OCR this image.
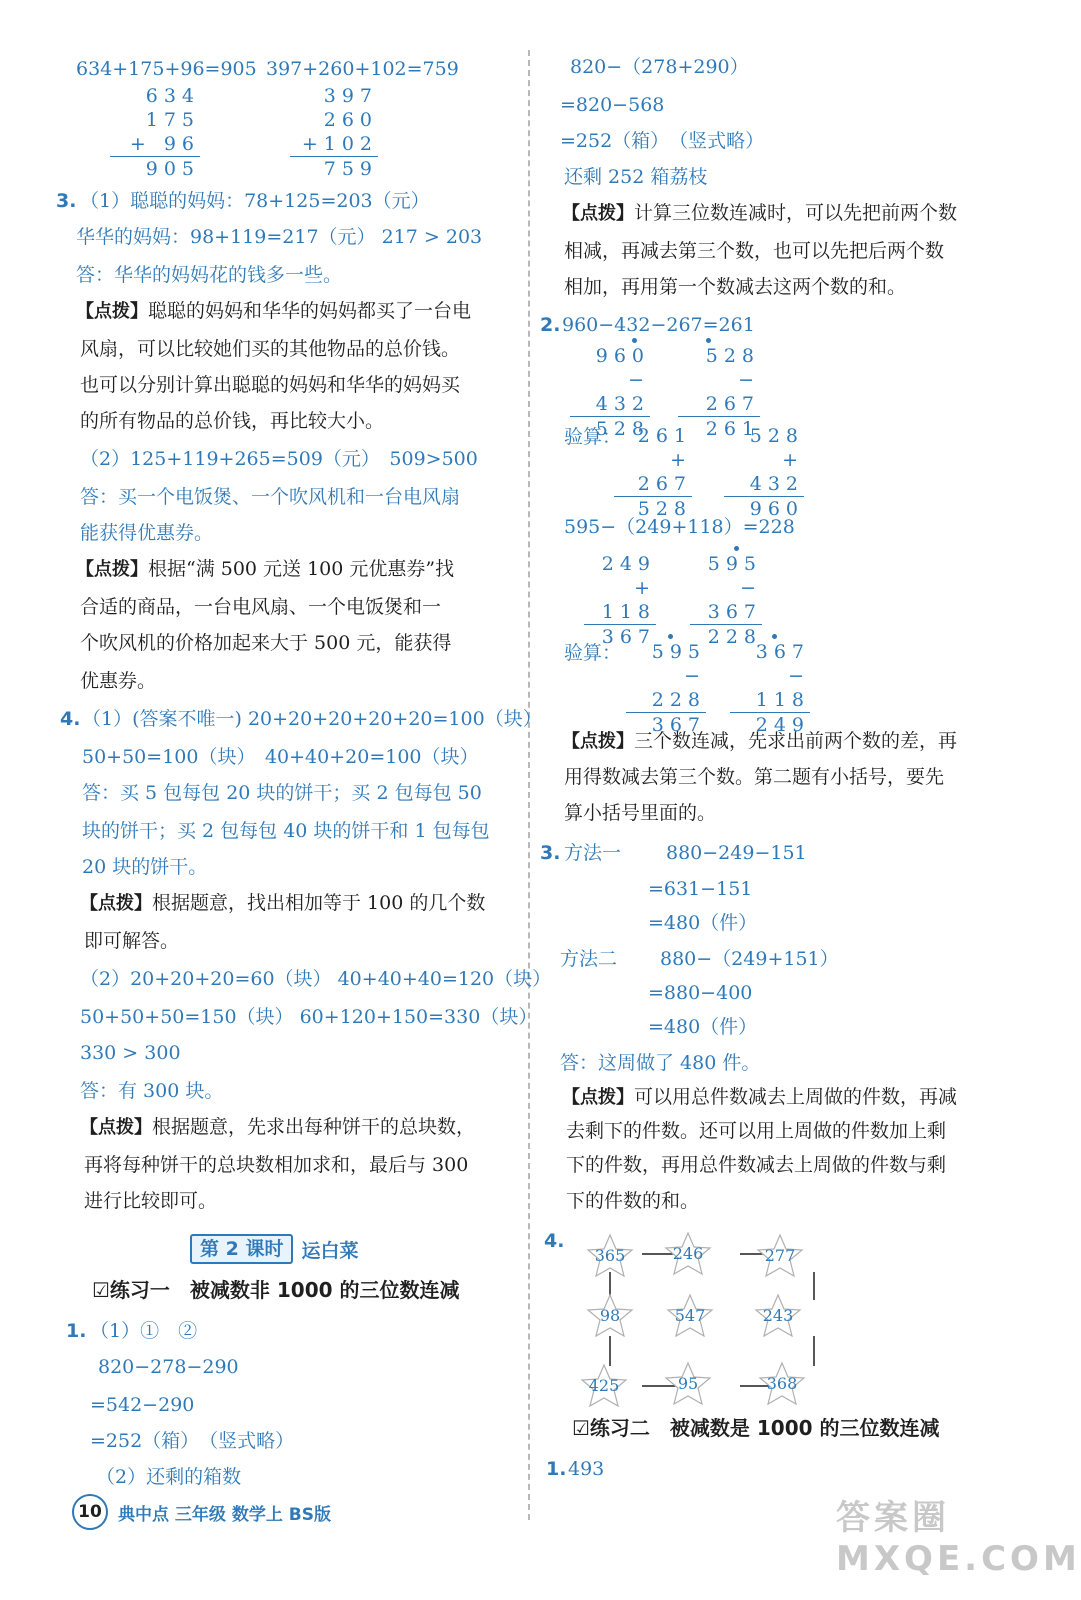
634+175+96=905 397+260+102=759
634
175
+ 96
905
397
260
+102
759
3. （1）聪聪的妈妈：78+125=203（元）
华华的妈妈：98+119=217（元） 217 > 203
答：华华的妈妈花的钱多一些。
【点拨】聪聪的妈妈和华华的妈妈都买了一台电
风扇，可以比较她们买的其他物品的总价钱。
也可以分别计算出聪聪的妈妈和华华的妈妈买
的所有物品的总价钱，再比较大小。
（2）125+119+265=509（元）　509>500
答：买一个电饭煲、一个吹风机和一台电风扇
能获得优惠券。
【点拨】根据“满 500 元送 100 元优惠券”找
合适的商品，一台电风扇、一个电饭煲和一
个吹风机的价格加起来大于 500 元，能获得
优惠券。
4. （1）(答案不唯一) 20+20+20+20+20=100（块）
50+50=100（块）　40+40+20=100（块）
答：买 5 包每包 20 块的饼干；买 2 包每包 50
块的饼干；买 2 包每包 40 块的饼干和 1 包每包
20 块的饼干。
【点拨】根据题意，找出相加等于 100 的几个数
即可解答。
（2）20+20+20=60（块） 40+40+40=120（块）
50+50+50=150（块） 60+120+150=330（块）
330 > 300
答：有 300 块。
【点拨】根据题意，先求出每种饼干的总块数，
再将每种饼干的总块数相加求和，最后与 300
进行比较即可。
第 2 课时 运白菜
☑练习一　被减数非 1000 的三位数连减
1. （1）①　②
820−278−290
=542−290
=252（箱）　（竖式略）
（2）还剩的箱数
820−（278+290）
=820−568
=252（箱）　（竖式略）
还剩 252 箱荔枝
【点拨】计算三位数连减时，可以先把前两个数
相减，再减去第三个数，也可以先把后两个数
相加，再用第一个数减去这两个数的和。
2. 960−432−267=261
960
− 432
528
528
− 267
261
验算： 261
+ 267
528
528
+ 432
960
595−（249+118）=228
249
+ 118
367
595
− 367
228
验算：	595
− 228
367
367
− 118
249
【点拨】三个数连减，先求出前两个数的差，再
用得数减去第三个数。第二题有小括号，要先
算小括号里面的。
3. 方法一 880−249−151
=631−151
=480（件）
方法二 880−（249+151）
=880−400
=480（件）
答：这周做了 480 件。
【点拨】可以用总件数减去上周做的件数，再减
去剩下的件数。还可以用上周做的件数加上剩
下的件数，再用总件数减去上周做的件数与剩
下的件数的和。
4.
365	246	277
98	547	243
425	95	368
☑练习二　被减数是 1000 的三位数连减
1. 493
10 典中点 三年级 数学上 BS版	答案圈 MXQE.COM
